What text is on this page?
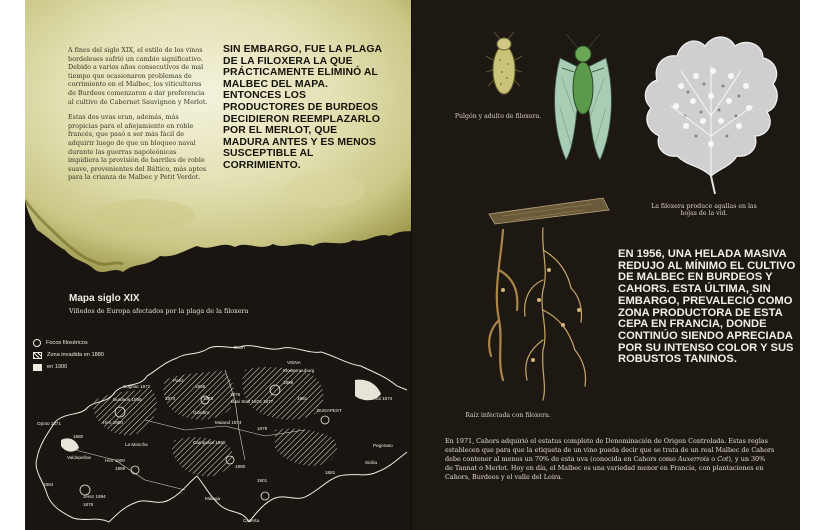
A fines del siglo XIX, el estilo de los vinos bordeleses sufrió un cambio significativo. Debido a varios años consecutivos de mal tiempo que ocasionaron problemas de corrimiento en el Malbec, los viticultores de Burdeos comenzaron a dar preferencia al cultivo de Cabernet Sauvignon y Merlot.

Estas dos uvas eran, además, más propicias para el añejamiento en roble francés, que pasó a ser más fácil de adquirir luego de que un bloqueo naval durante las guerras napoleónicas impidiera la provisión de barriles de roble suave, provenientes del Báltico, más aptos para la crianza de Malbec y Petit Verdot.

SIN EMBARGO, FUE LA PLAGA DE LA FILOXERA LA QUE PRÁCTICAMENTE ELIMINÓ AL MALBEC DEL MAPA. ENTONCES LOS PRODUCTORES DE BURDEOS DECIDIERON REEMPLAZARLO POR EL MERLOT, QUE MADURA ANTES Y ES MENOS SUSCEPTIBLE AL CORRIMIENTO.

Mapa siglo XIX

Viñedos de Europa afectados por la plaga de la filoxera

Focos filoxéricos
Zona invadida en 1880
en 1900
Bonn
VIENA
Klosterneuburg
Cognac 1872
París
1865
1868
Burdeos 1869	1874	1878
1876
Basi Stall 1876 1877
1881	Malviral 1874
BUDAPEST
Hiro 1900
1879
Ginebra
Maiand 1874
Opoto 1871
1880
Valdepeñas
1911
La Mancha
Hiro 1900
1889
Pegoraso
1884
Jerez 1894
1876
Málaga
1881
1901
Caserta
Sicilia
1880
Campania 1880

Pulgón y adulto de filoxera.

La filoxera produce agallas en las hojas de la vid.

Raíz infectada con filoxera.

EN 1956, UNA HELADA MASIVA REDUJO AL MÍNIMO EL CULTIVO DE MALBEC EN BURDEOS Y CAHORS. ESTA ÚLTIMA, SIN EMBARGO, PREVALECIÓ COMO ZONA PRODUCTORA DE ESTA CEPA EN FRANCIA, DONDE CONTINÚO SIENDO APRECIADA POR SU INTENSO COLOR Y SUS ROBUSTOS TANINOS.

En 1971, Cahors adquirió el estatus completo de Denominación de Origen Controlada. Estas reglas establecen que para que la etiqueta de un vino pueda decir que se trata de un real Malbec de Cahors debe contener al menos un 70% de esta uva (conocida en Cahors como Auxerrois o Cot), y un 30% de Tannat o Merlot. Hoy en día, el Malbec es una variedad menor en Francia, con plantaciones en Cahors, Burdeos y el valle del Loira.
